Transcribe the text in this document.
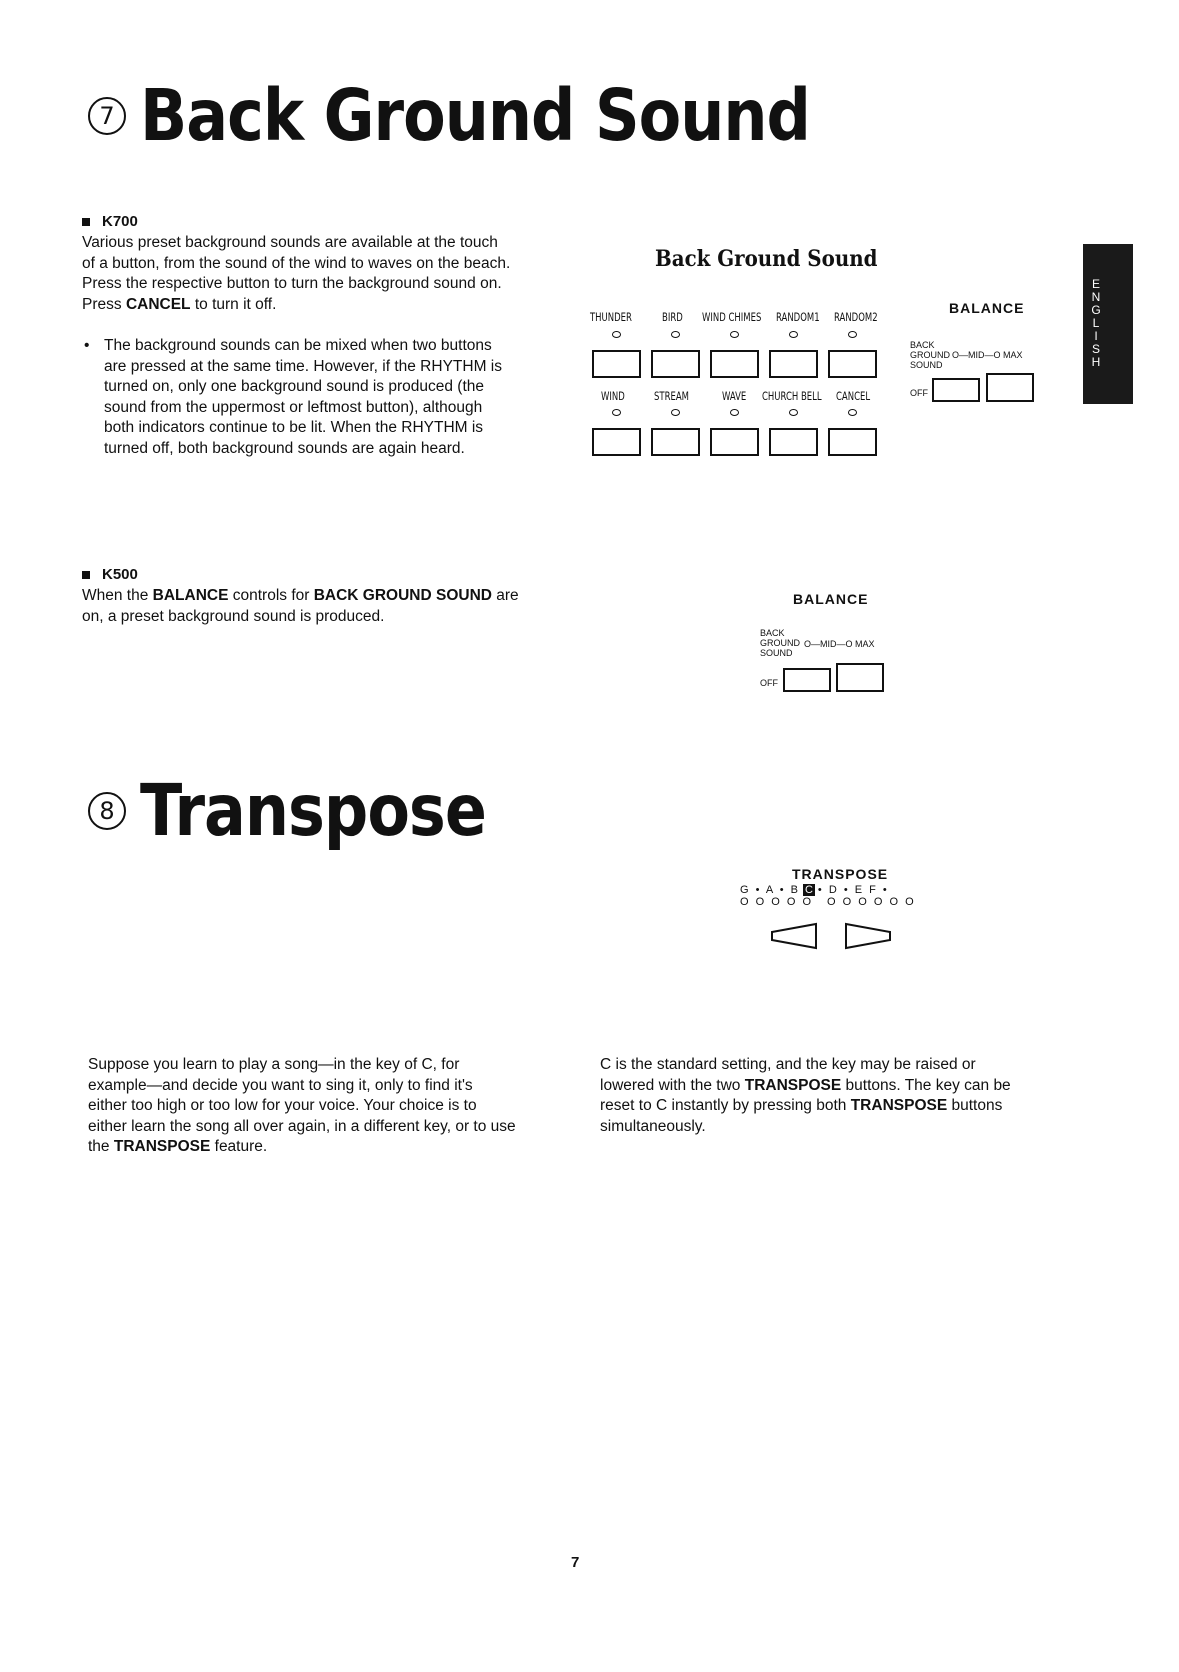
7 Back Ground Sound
K700
Various preset background sounds are available at the touch
of a button, from the sound of the wind to waves on the beach.
Press the respective button to turn the background sound on.
Press CANCEL to turn it off.
• The background sounds can be mixed when two buttons
are pressed at the same time. However, if the RHYTHM is
turned on, only one background sound is produced (the
sound from the uppermost or leftmost button), although
both indicators continue to be lit. When the RHYTHM is
turned off, both background sounds are again heard.
Back Ground Sound
THUNDER	BIRD WIND CHIMES RANDOM1 RANDOM2
WIND	STREAM	WAVE CHURCH BELL CANCEL
BALANCE
BACK
GROUND
SOUND
O—MID—O MAX
OFF
E
N
G
L
I
S
H
K500
When the BALANCE controls for BACK GROUND SOUND are
on, a preset background sound is produced.
BALANCE
BACK
GROUND
SOUND
O—MID—O MAX
OFF
8 Transpose
TRANSPOSE
G • A • B C • D • E F •
O O O O O O O O O O O
Suppose you learn to play a song—in the key of C, for
example—and decide you want to sing it, only to find it's
either too high or too low for your voice. Your choice is to
either learn the song all over again, in a different key, or to use
the TRANSPOSE feature.
C is the standard setting, and the key may be raised or
lowered with the two TRANSPOSE buttons. The key can be
reset to C instantly by pressing both TRANSPOSE buttons
simultaneously.
7
